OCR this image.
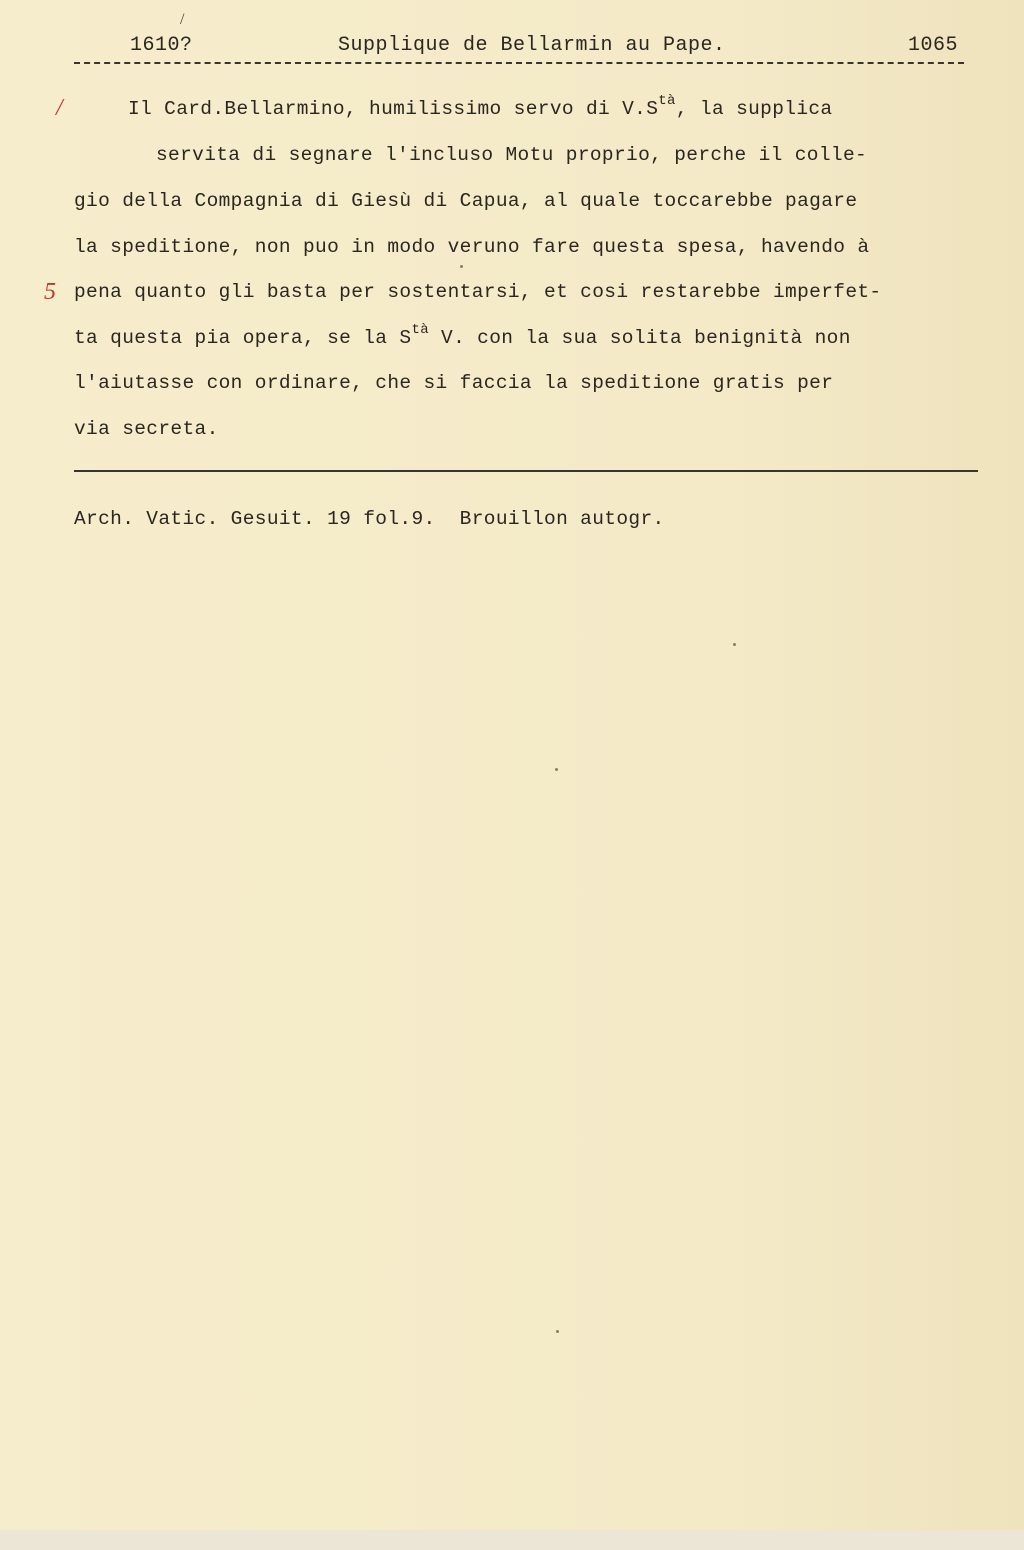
/
1610?	Supplique de Bellarmin au Pape.	1065
/
5
Il Card.Bellarmino, humilissimo servo di $V.S^{tà}$, la supplica
servita di segnare l'incluso Motu proprio, perche il colle-
gio della Compagnia di Giesù di Capua, al quale toccarebbe pagare
la speditione, non puo in modo veruno fare questa spesa, havendo à
pena quanto gli basta per sostentarsi, et cosi restarebbe imperfet-
ta questa pia opera, se la $S^{tà}$ V. con la sua solita benignità non
l'aiutasse con ordinare, che si faccia la speditione gratis per
via secreta.
Arch. Vatic. Gesuit. 19 fol.9.  Brouillon autogr.
